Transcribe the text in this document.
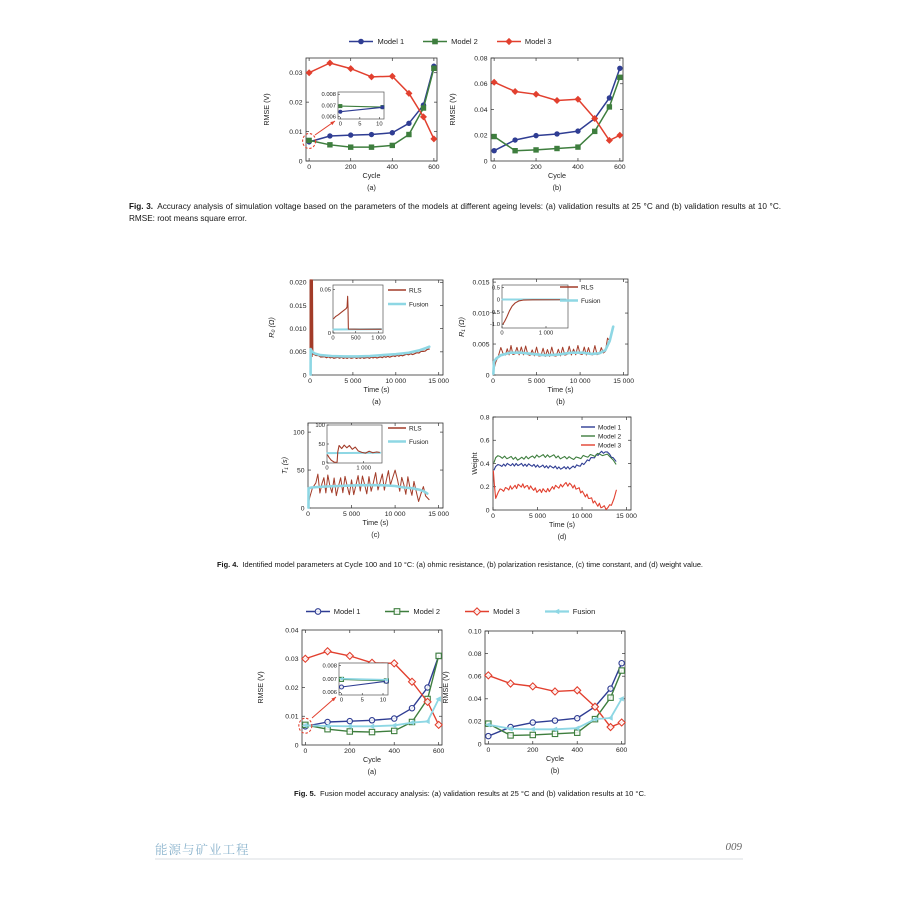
Model 1	Model 2	Model 3
0	200	400	600
0
0.01
0.02
0.03
Cycle
(a)
RMSE (V)	0	5	10
0.006
0.007
0.008
0	200	400	600
0
0.02
0.04
0.06
0.08
Cycle
(b)
RMSE (V)
Fig. 3. Accuracy analysis of simulation voltage based on the parameters of the models at different ageing levels: (a) validation results at 25 °C and (b) validation results at 10 °C. RMSE: root means square error.
0	5 000	10 000	15 000
0
0.005
0.010
0.015
0.020
Time (s)
(a)
R₀ (Ω)
0	500 1 000
0
0.05	RLS
Fusion
0	5 000	10 000	15 000
0
0.005
0.010
0.015
Time (s)
(b)
R₁ (Ω)	0	1 000
-1.0
-0.5
0
0.5	RLS
Fusion
0	5 000	10 000	15 000
0
50
100
Time (s)
(c)
T₁ (s)	0	1 000
0
50
100	RLS
Fusion
0	5 000	10 000	15 000
0
0.2
0.4
0.6
0.8
Time (s)
(d)
Weight
Model 1
Model 2
Model 3
Fig. 4. Identified model parameters at Cycle 100 and 10 °C: (a) ohmic resistance, (b) polarization resistance, (c) time constant, and (d) weight value.
Model 1	Model 2	Model 3	Fusion
0	200	400	600
0
0.01
0.02
0.03
0.04
Cycle
(a)
RMSE (V)	0	5	10
0.006
0.007
0.008
0	200	400	600
0
0.02
0.04
0.06
0.08
0.10
Cycle
(b)
RMSE (V)
Fig. 5. Fusion model accuracy analysis: (a) validation results at 25 °C and (b) validation results at 10 °C.
能源与矿业工程	009
